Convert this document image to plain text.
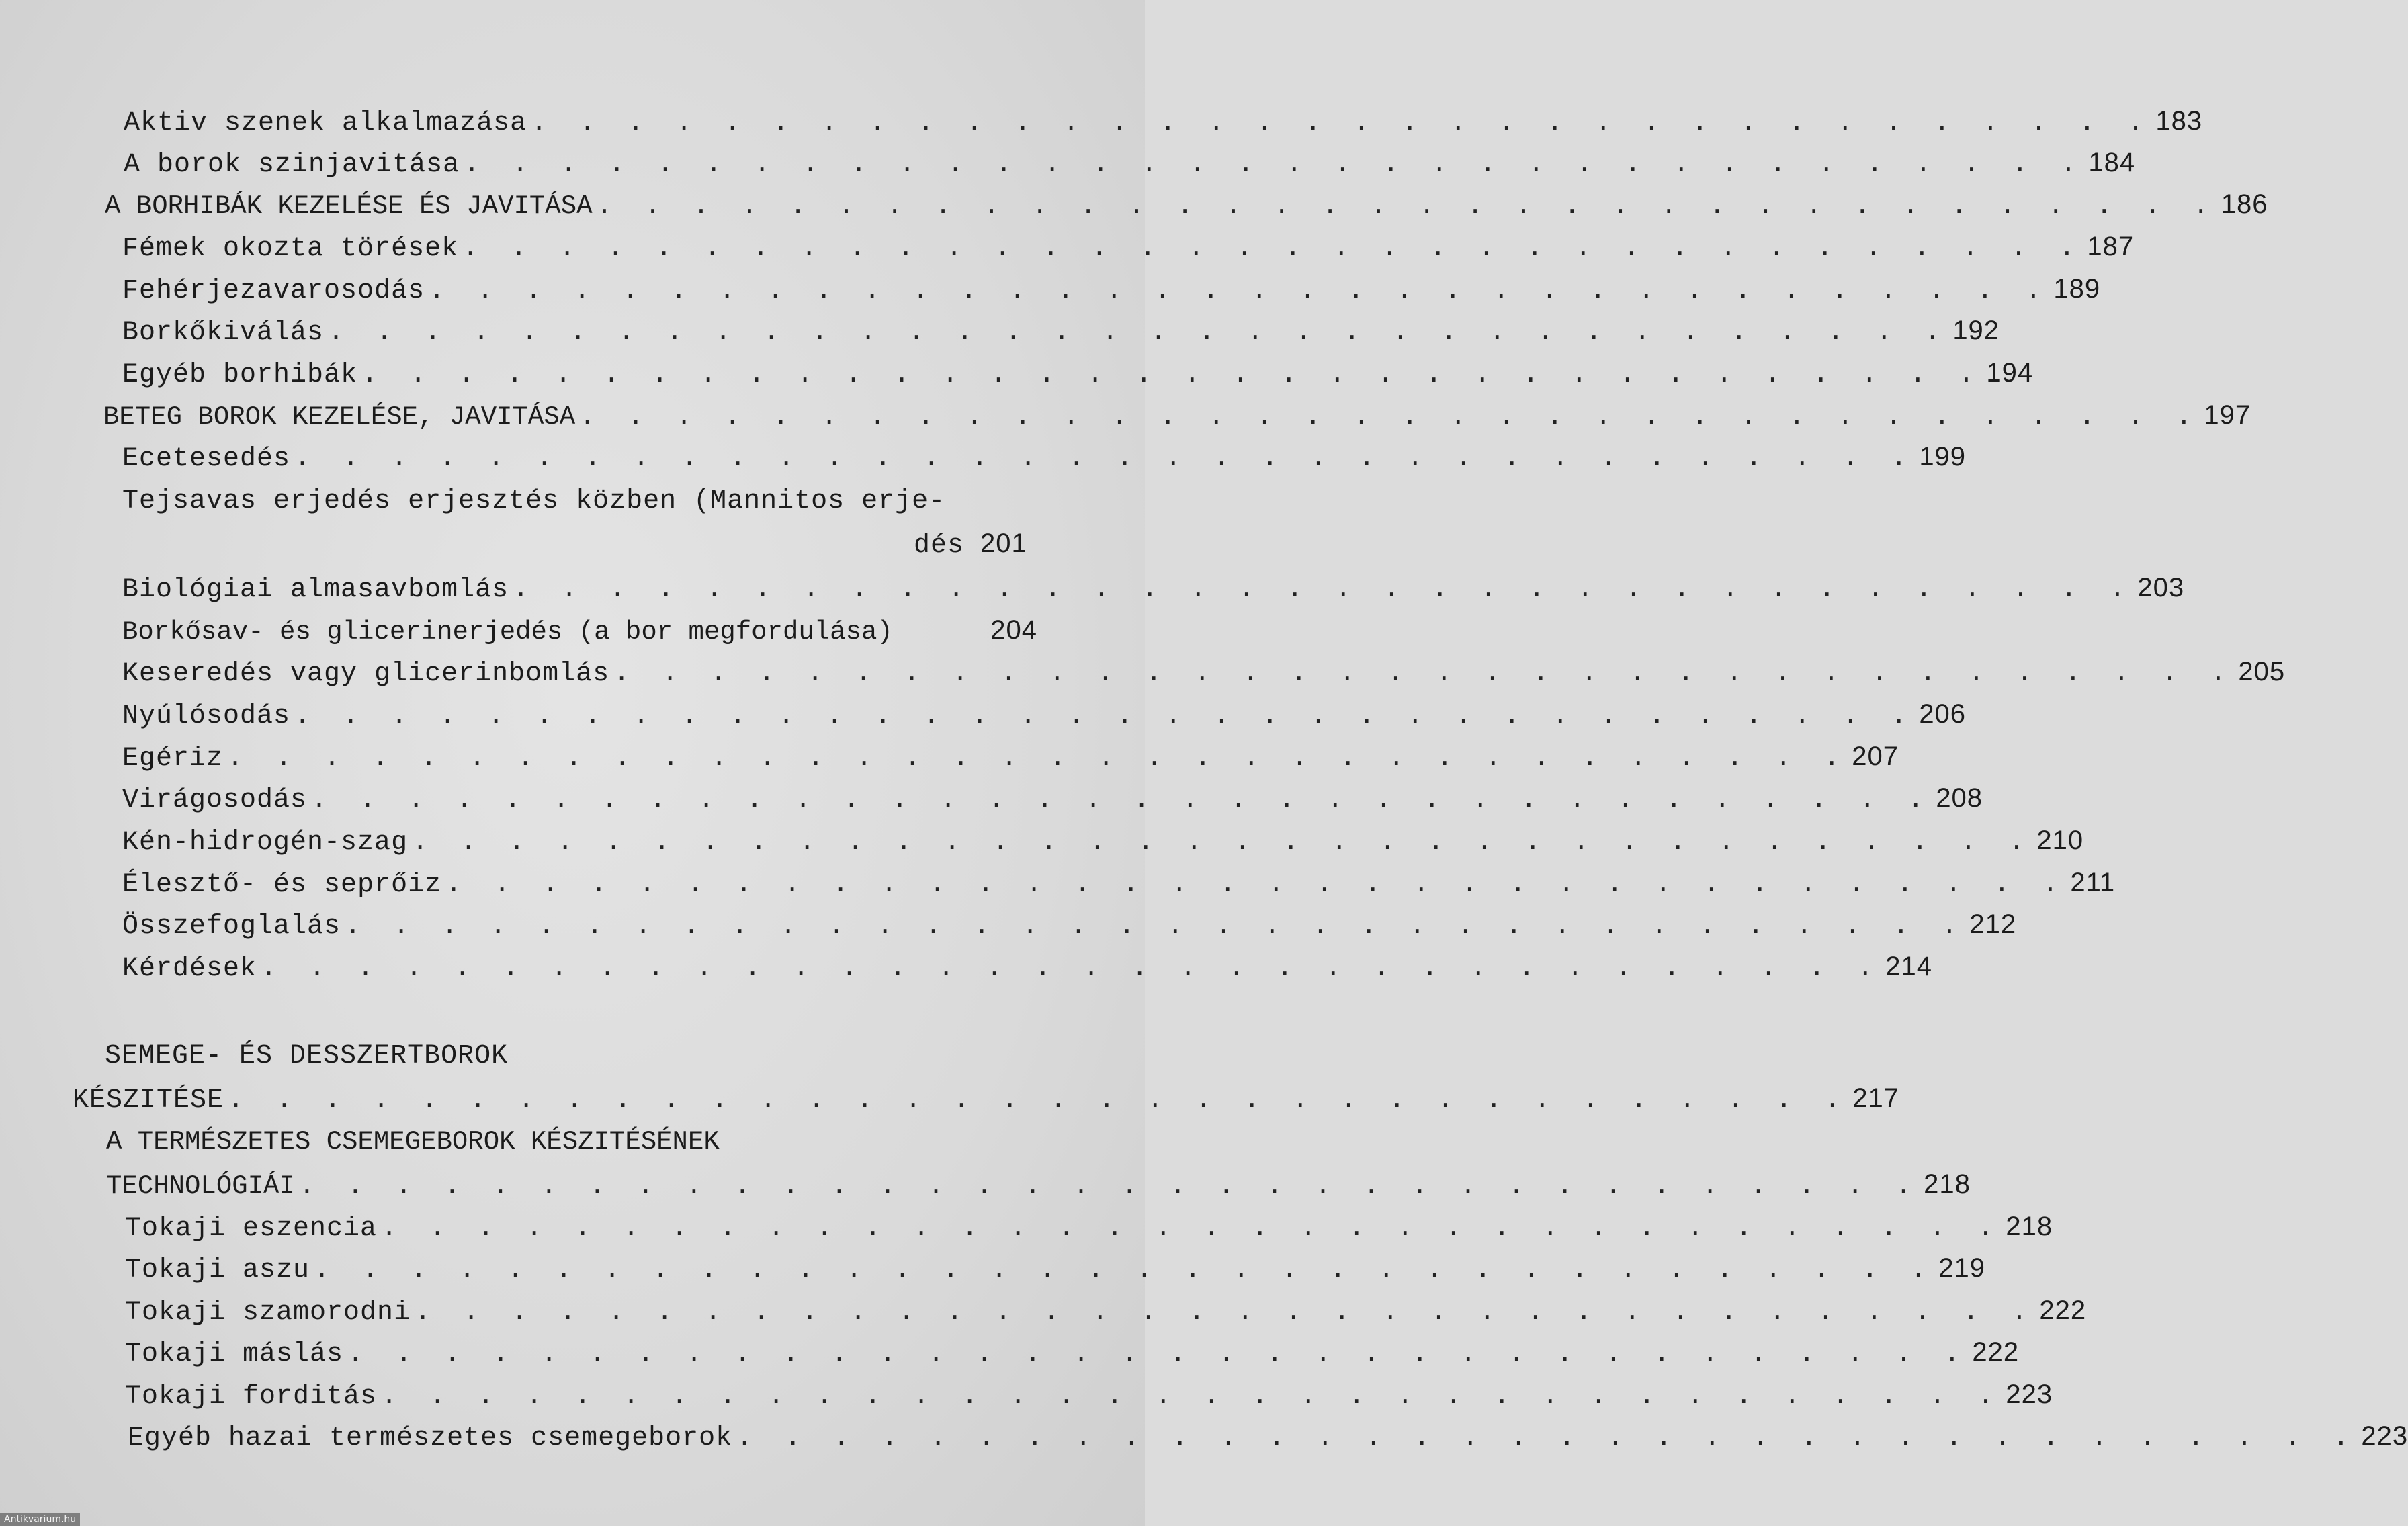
Aktiv szenek alkalmazása . . . . . . . . . . . . . . . . . . . . . . . . . . . . . . . . . . 183
A borok szinjavitása . . . . . . . . . . . . . . . . . . . . . . . . . . . . . . . . . . 184
A BORHIBÁK KEZELÉSE ÉS JAVITÁSA . . . . . . . . . . . . . . . . . . . . . . . . . . . . . . . . . . 186
Fémek okozta törések . . . . . . . . . . . . . . . . . . . . . . . . . . . . . . . . . . 187
Fehérjezavarosodás . . . . . . . . . . . . . . . . . . . . . . . . . . . . . . . . . . 189
Borkőkiválás . . . . . . . . . . . . . . . . . . . . . . . . . . . . . . . . . . 192
Egyéb borhibák . . . . . . . . . . . . . . . . . . . . . . . . . . . . . . . . . . 194
BETEG BOROK KEZELÉSE, JAVITÁSA . . . . . . . . . . . . . . . . . . . . . . . . . . . . . . . . . . 197
Ecetesedés . . . . . . . . . . . . . . . . . . . . . . . . . . . . . . . . . . 199
Tejsavas erjedés erjesztés közben (Mannitos erje-
dés 201
Biológiai almasavbomlás . . . . . . . . . . . . . . . . . . . . . . . . . . . . . . . . . . 203
Borkősav- és glicerinerjedés (a bor megfordulása)	204
Keseredés vagy glicerinbomlás . . . . . . . . . . . . . . . . . . . . . . . . . . . . . . . . . . 205
Nyúlósodás . . . . . . . . . . . . . . . . . . . . . . . . . . . . . . . . . . 206
Egériz . . . . . . . . . . . . . . . . . . . . . . . . . . . . . . . . . . 207
Virágosodás . . . . . . . . . . . . . . . . . . . . . . . . . . . . . . . . . . 208
Kén-hidrogén-szag . . . . . . . . . . . . . . . . . . . . . . . . . . . . . . . . . . 210
Élesztő- és seprőiz . . . . . . . . . . . . . . . . . . . . . . . . . . . . . . . . . . 211
Összefoglalás . . . . . . . . . . . . . . . . . . . . . . . . . . . . . . . . . . 212
Kérdések . . . . . . . . . . . . . . . . . . . . . . . . . . . . . . . . . . 214
SEMEGE- ÉS DESSZERTBOROK
KÉSZITÉSE . . . . . . . . . . . . . . . . . . . . . . . . . . . . . . . . . . 217
A TERMÉSZETES CSEMEGEBOROK KÉSZITÉSÉNEK
TECHNOLÓGIÁI . . . . . . . . . . . . . . . . . . . . . . . . . . . . . . . . . . 218
Tokaji eszencia . . . . . . . . . . . . . . . . . . . . . . . . . . . . . . . . . . 218
Tokaji aszu . . . . . . . . . . . . . . . . . . . . . . . . . . . . . . . . . . 219
Tokaji szamorodni . . . . . . . . . . . . . . . . . . . . . . . . . . . . . . . . . . 222
Tokaji máslás . . . . . . . . . . . . . . . . . . . . . . . . . . . . . . . . . . 222
Tokaji forditás . . . . . . . . . . . . . . . . . . . . . . . . . . . . . . . . . . 223
Egyéb hazai természetes csemegeborok . . . . . . . . . . . . . . . . . . . . . . . . . . . . . . . . . . 223
Antikvarium.hu
